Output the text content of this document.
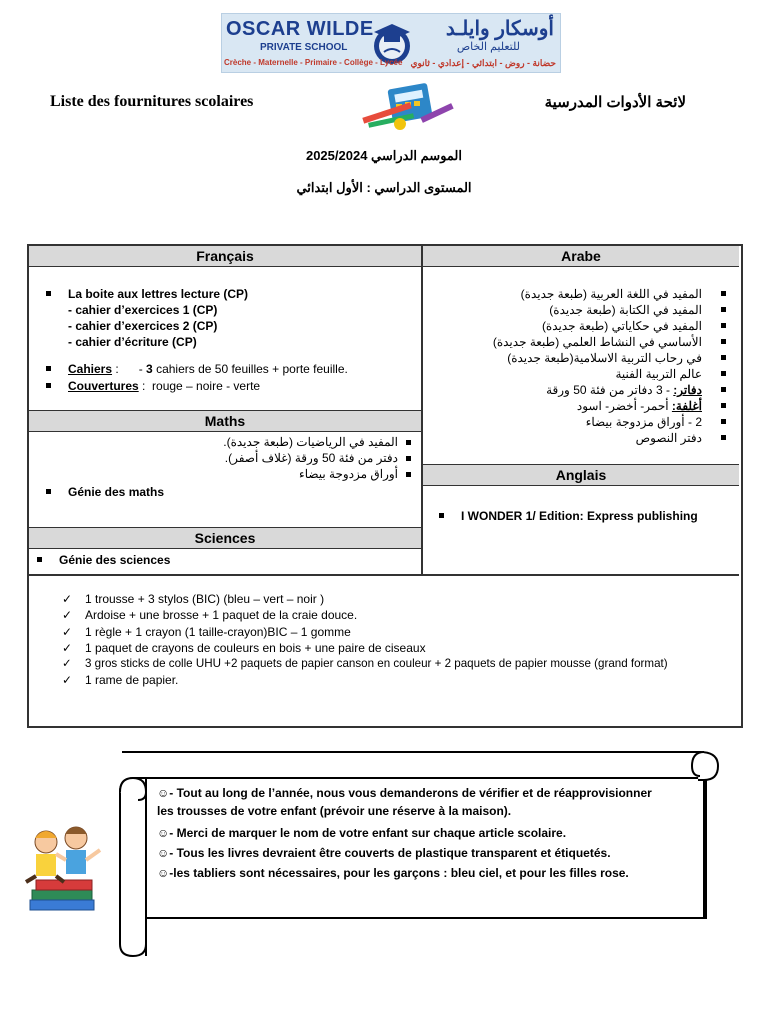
OSCAR WILDE
PRIVATE SCHOOL
أوسكار وايلـد
للتعليم الخاص
Crèche - Maternelle - Primaire - Collège - Lycée حضانة - روض - ابتدائي - إعدادي - ثانوي
Liste des fournitures scolaires	لائحة الأدوات المدرسية
الموسم الدراسي 2025/2024
المستوى الدراسي : الأول ابتدائي
Français
La boite aux lettres lecture (CP)
- cahier d’exercices 1 (CP)
- cahier d’exercices 2 (CP)
- cahier d’écriture (CP)
Cahiers :      - 3 cahiers de 50 feuilles + porte feuille.
Couvertures :  rouge – noire - verte
Maths
المفيد في الرياضيات (طبعة جديدة).
دفتر من فئة 50 ورقة (غلاف أصفر).
أوراق مزدوجة بيضاء
Génie des maths
Sciences
Génie des sciences
Arabe
المفيد في اللغة العربية (طبعة جديدة)
المفيد في الكتابة (طبعة جديدة)
المفيد في حكاياتي (طبعة جديدة)
الأساسي في النشاط العلمي (طبعة جديدة)
في رحاب التربية الاسلامية(طبعة جديدة)
عالم التربية الفنية
دفاتر: - 3 دفاتر من فئة 50 ورقة
أغلفة: أحمر- أخضر- اسود
2 - أوراق مزدوجة بيضاء
دفتر النصوص
Anglais
I WONDER 1/ Edition: Express publishing
✓ 1 trousse + 3 stylos (BIC) (bleu – vert – noir )
✓ Ardoise + une brosse + 1 paquet de la craie douce.
✓ 1 règle + 1 crayon (1 taille-crayon)BIC – 1 gomme
✓ 1 paquet de crayons de couleurs en bois + une paire de ciseaux
✓ 3 gros sticks de colle UHU +2 paquets de papier canson en couleur + 2 paquets de papier mousse (grand format)
✓ 1 rame de papier.
☺- Tout au long de l’année, nous vous demanderons de vérifier et de réapprovisionner
les trousses de votre enfant (prévoir une réserve à la maison).
☺- Merci de marquer le nom de votre enfant sur chaque article scolaire.
☺- Tous les livres devraient être couverts de plastique transparent et étiquetés.
☺-les tabliers sont nécessaires, pour les garçons : bleu ciel, et pour les filles rose.
